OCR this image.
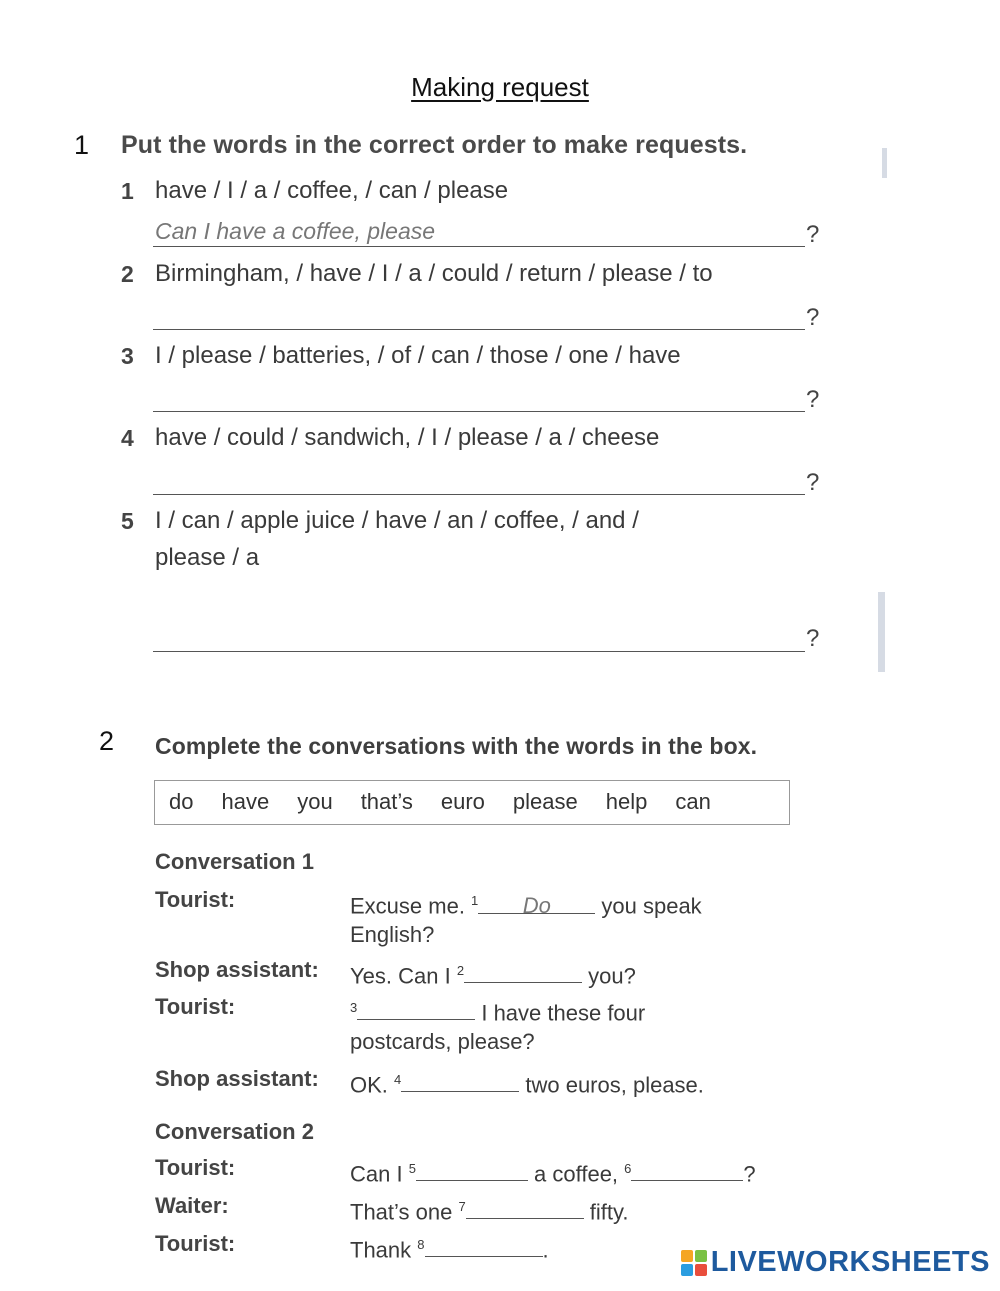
Making request
1 Put the words in the correct order to make requests.
1 have / I / a / coffee, / can / please
Can I have a coffee, please	?
2 Birmingham, / have / I / a / could / return / please / to
?
3 I / please / batteries, / of / can / those / one / have
?
4 have / could / sandwich, / I / please / a / cheese
?
5 I / can / apple juice / have / an / coffee, / and /
please / a
?
2 Complete the conversations with the words in the box.
do have you that’s euro please help can
Conversation 1
Tourist:	Excuse me. $^1$ Do you speak
English?
Shop assistant: Yes. Can I $^2$	you?
Tourist:	$^3$	I have these four
postcards, please?
Shop assistant: OK. $^4$	two euros, please.
Conversation 2
Tourist:	Can I $^5$	a coffee, $^6$	?
Waiter:	That’s one $^7$	fifty.
Tourist:	Thank $^8$	.	LIVEWORKSHEETS
